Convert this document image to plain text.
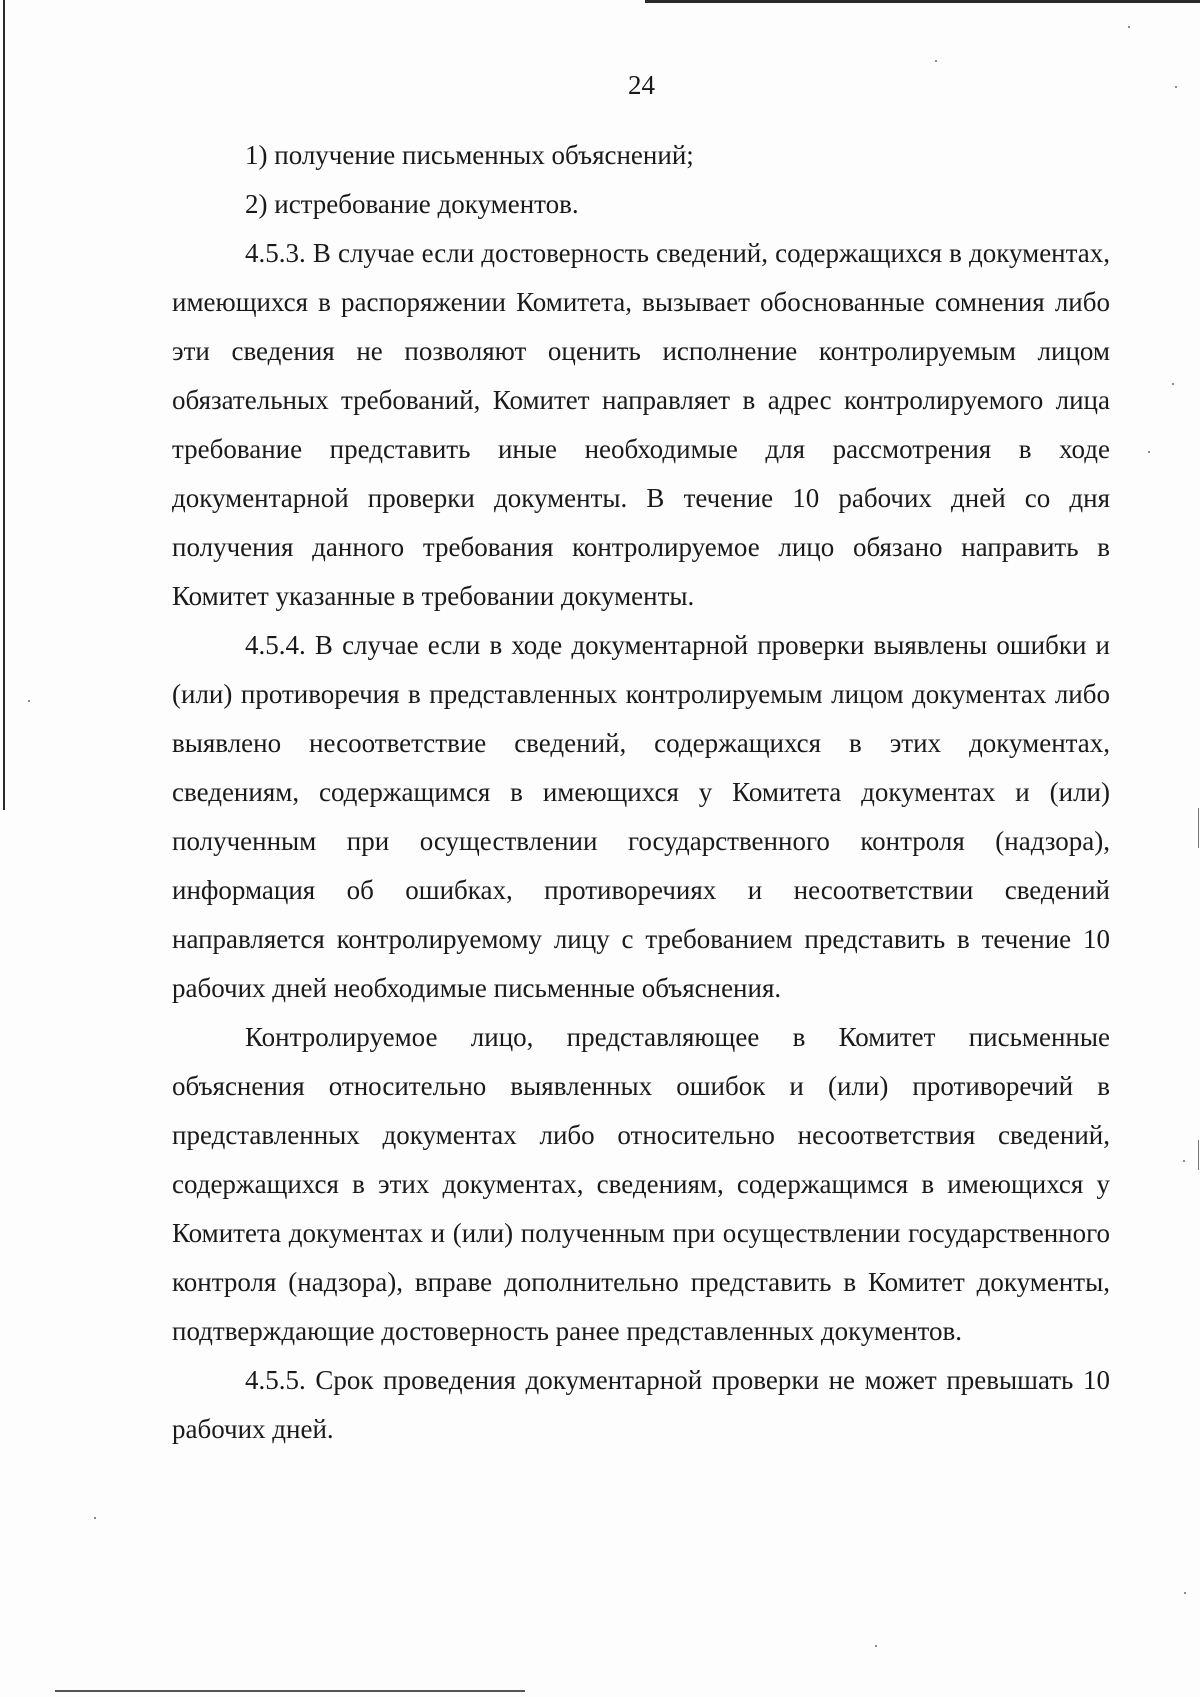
24

1) получение письменных объяснений;

2) истребование документов.

4.5.3. В случае если достоверность сведений, содержащихся в документах, имеющихся в распоряжении Комитета, вызывает обоснованные сомнения либо эти сведения не позволяют оценить исполнение контролируемым лицом обязательных требований, Комитет направляет в адрес контролируемого лица требование представить иные необходимые для рассмотрения в ходе документарной проверки документы. В течение 10 рабочих дней со дня получения данного требования контролируемое лицо обязано направить в Комитет указанные в требовании документы.

4.5.4. В случае если в ходе документарной проверки выявлены ошибки и (или) противоречия в представленных контролируемым лицом документах либо выявлено несоответствие сведений, содержащихся в этих документах, сведениям, содержащимся в имеющихся у Комитета документах и (или) полученным при осуществлении государственного контроля (надзора), информация об ошибках, противоречиях и несоответствии сведений направляется контролируемому лицу с требованием представить в течение 10 рабочих дней необходимые письменные объяснения.

Контролируемое лицо, представляющее в Комитет письменные объяснения относительно выявленных ошибок и (или) противоречий в представленных документах либо относительно несоответствия сведений, содержащихся в этих документах, сведениям, содержащимся в имеющихся у Комитета документах и (или) полученным при осуществлении государственного контроля (надзора), вправе дополнительно представить в Комитет документы, подтверждающие достоверность ранее представленных документов.

4.5.5. Срок проведения документарной проверки не может превышать 10 рабочих дней.
